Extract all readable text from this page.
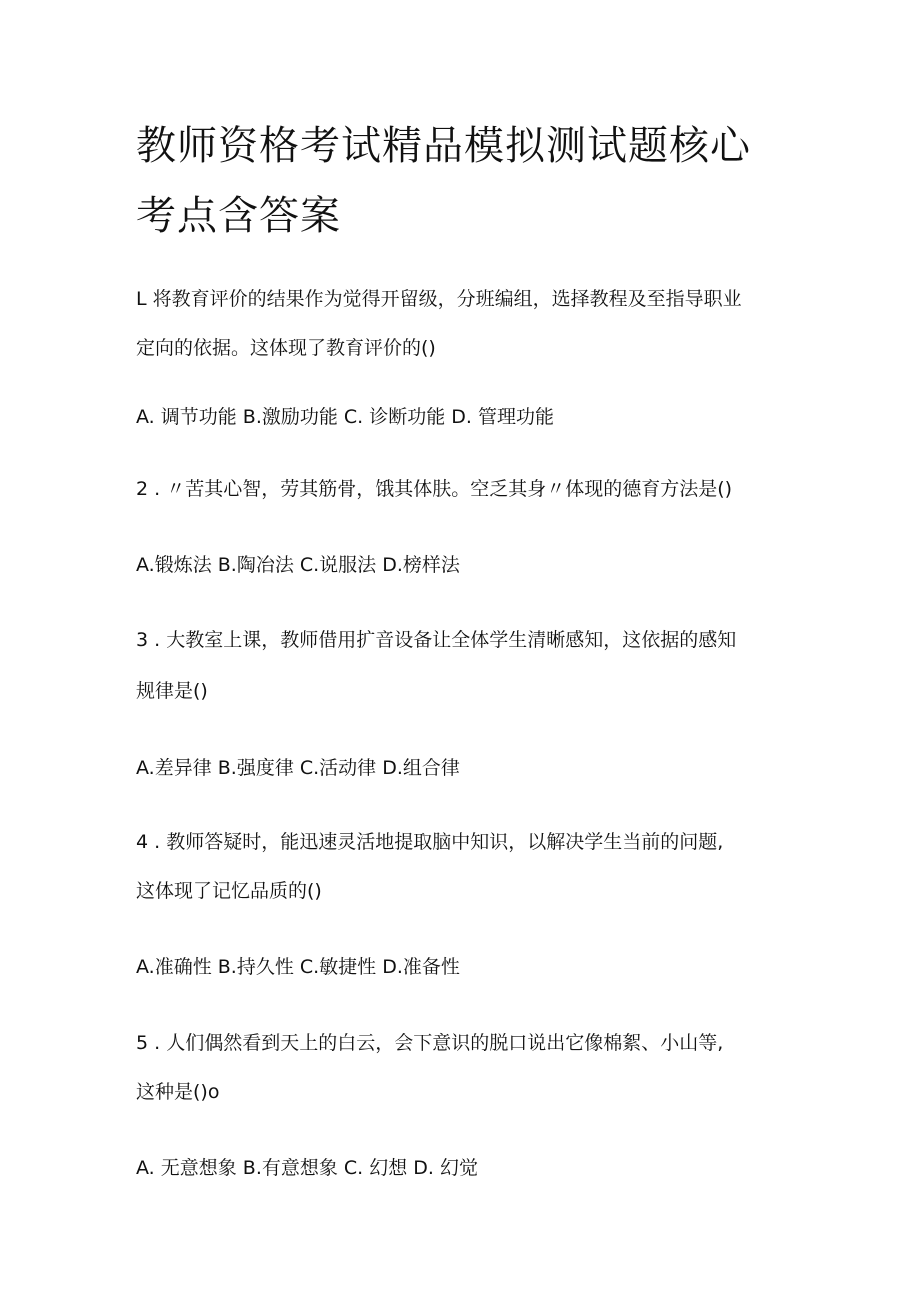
教师资格考试精品模拟测试题核心
考点含答案
L 将教育评价的结果作为觉得开留级，分班编组，选择教程及至指导职业
定向的依据。这体现了教育评价的()
A. 调节功能 B.激励功能 C. 诊断功能 D. 管理功能
2 . 〃苦其心智，劳其筋骨，饿其体肤。空乏其身〃体现的德育方法是()
A.锻炼法 B.陶冶法 C.说服法 D.榜样法
3 . 大教室上课，教师借用扩音设备让全体学生清晰感知，这依据的感知
规律是()
A.差异律 B.强度律 C.活动律 D.组合律
4 . 教师答疑时，能迅速灵活地提取脑中知识，以解决学生当前的问题,
这体现了记忆品质的()
A.准确性 B.持久性 C.敏捷性 D.准备性
5 . 人们偶然看到天上的白云，会下意识的脱口说出它像棉絮、小山等,
这种是()o
A. 无意想象 B.有意想象 C. 幻想 D. 幻觉
